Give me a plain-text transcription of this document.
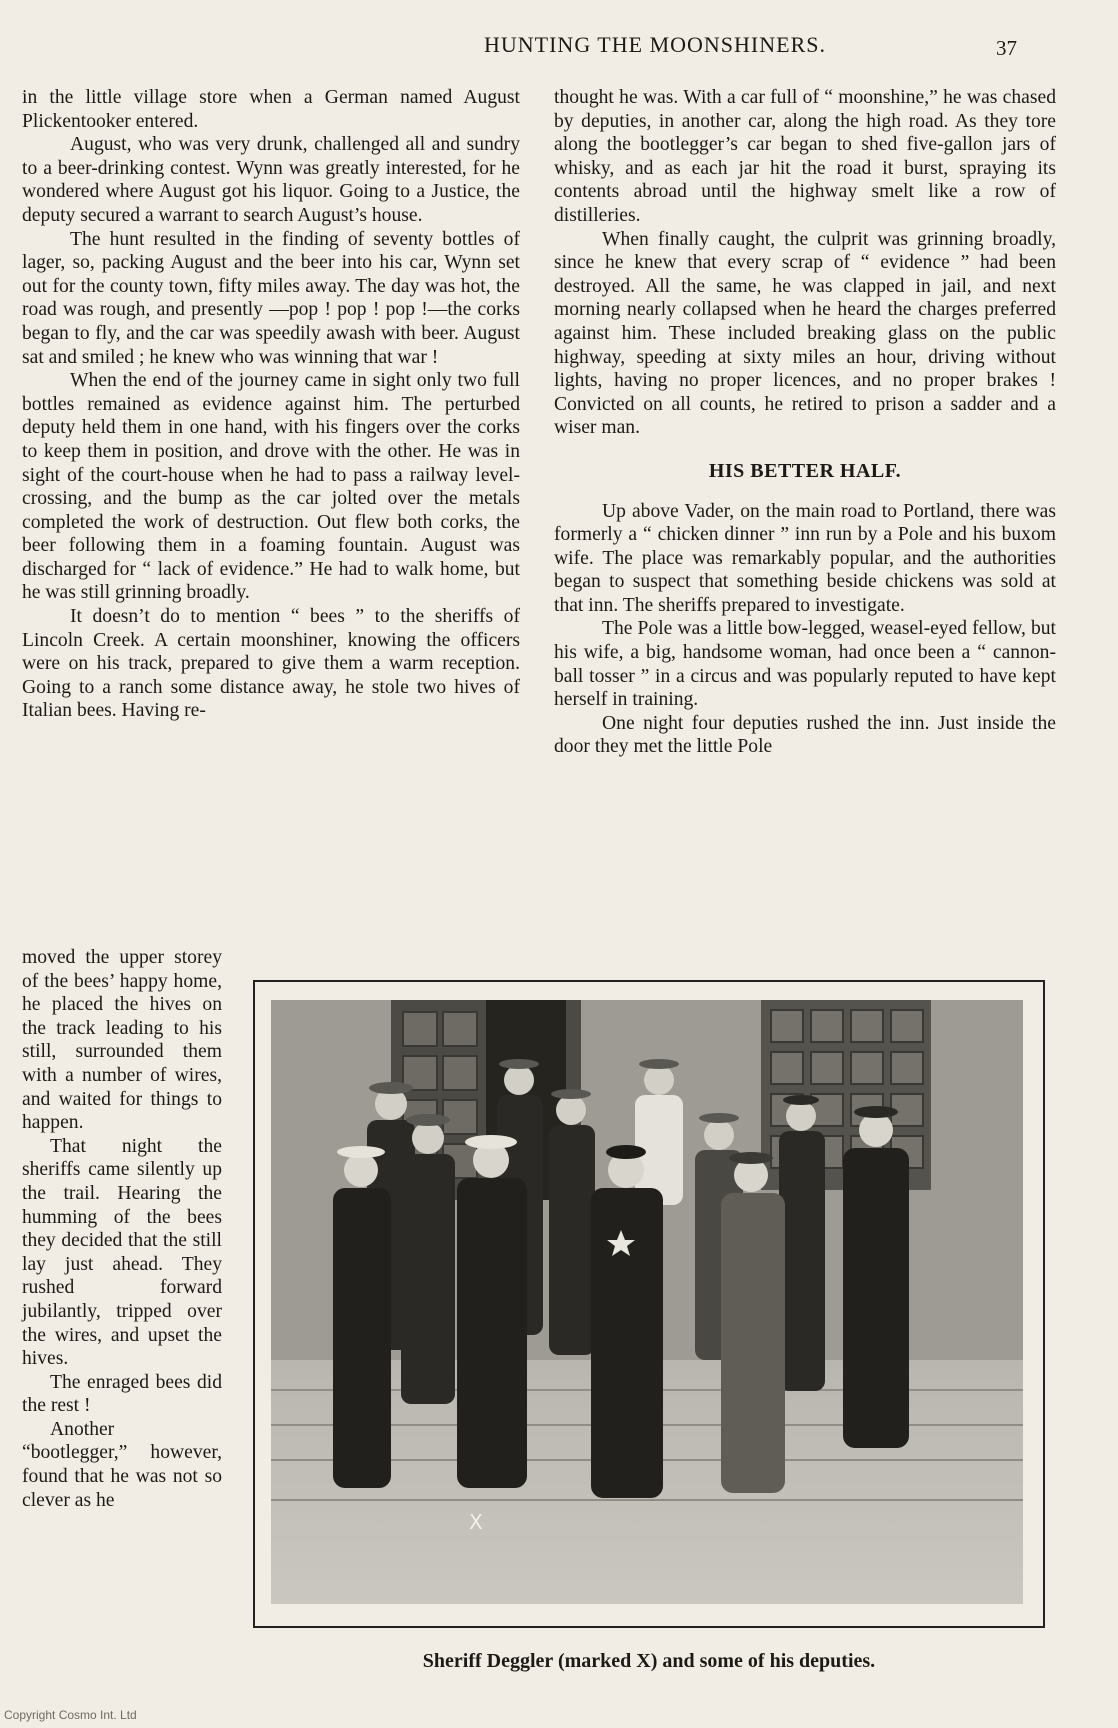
HUNTING THE MOONSHINERS.	37

in the little village store when a German named August Plickentooker entered.

August, who was very drunk, challenged all and sundry to a beer-drinking contest. Wynn was greatly interested, for he wondered where August got his liquor. Going to a Justice, the deputy secured a warrant to search August’s house.

The hunt resulted in the finding of seventy bottles of lager, so, packing August and the beer into his car, Wynn set out for the county town, fifty miles away. The day was hot, the road was rough, and presently —pop ! pop ! pop !—the corks began to fly, and the car was speedily awash with beer. August sat and smiled ; he knew who was winning that war !

When the end of the journey came in sight only two full bottles remained as evidence against him. The perturbed deputy held them in one hand, with his fingers over the corks to keep them in position, and drove with the other. He was in sight of the court-house when he had to pass a railway level-crossing, and the bump as the car jolted over the metals completed the work of destruction. Out flew both corks, the beer following them in a foaming fountain. August was discharged for “ lack of evidence.” He had to walk home, but he was still grinning broadly.

It doesn’t do to mention “ bees ” to the sheriffs of Lincoln Creek. A certain moonshiner, knowing the officers were on his track, prepared to give them a warm reception. Going to a ranch some distance away, he stole two hives of Italian bees. Having re-

moved the upper storey of the bees’ happy home, he placed the hives on the track leading to his still, surrounded them with a number of wires, and waited for things to happen.

That night the sheriffs came silently up the trail. Hearing the humming of the bees they decided that the still lay just ahead. They rushed forward jubilantly, tripped over the wires, and upset the hives.

The enraged bees did the rest !

Another “bootlegger,” however, found that he was not so clever as he

thought he was. With a car full of “ moonshine,” he was chased by deputies, in another car, along the high road. As they tore along the bootlegger’s car began to shed five-gallon jars of whisky, and as each jar hit the road it burst, spraying its contents abroad until the highway smelt like a row of distilleries.

When finally caught, the culprit was grinning broadly, since he knew that every scrap of “ evidence ” had been destroyed. All the same, he was clapped in jail, and next morning nearly collapsed when he heard the charges preferred against him. These included breaking glass on the public highway, speeding at sixty miles an hour, driving without lights, having no proper licences, and no proper brakes ! Convicted on all counts, he retired to prison a sadder and a wiser man.

HIS BETTER HALF.

Up above Vader, on the main road to Portland, there was formerly a “ chicken dinner ” inn run by a Pole and his buxom wife. The place was remarkably popular, and the authorities began to suspect that something beside chickens was sold at that inn. The sheriffs prepared to investigate.

The Pole was a little bow-legged, weasel-eyed fellow, but his wife, a big, handsome woman, had once been a “ cannon-ball tosser ” in a circus and was popularly reputed to have kept herself in training.

One night four deputies rushed the inn. Just inside the door they met the little Pole

X
Sheriff Deggler (marked X) and some of his deputies.
Copyright Cosmo Int. Ltd
